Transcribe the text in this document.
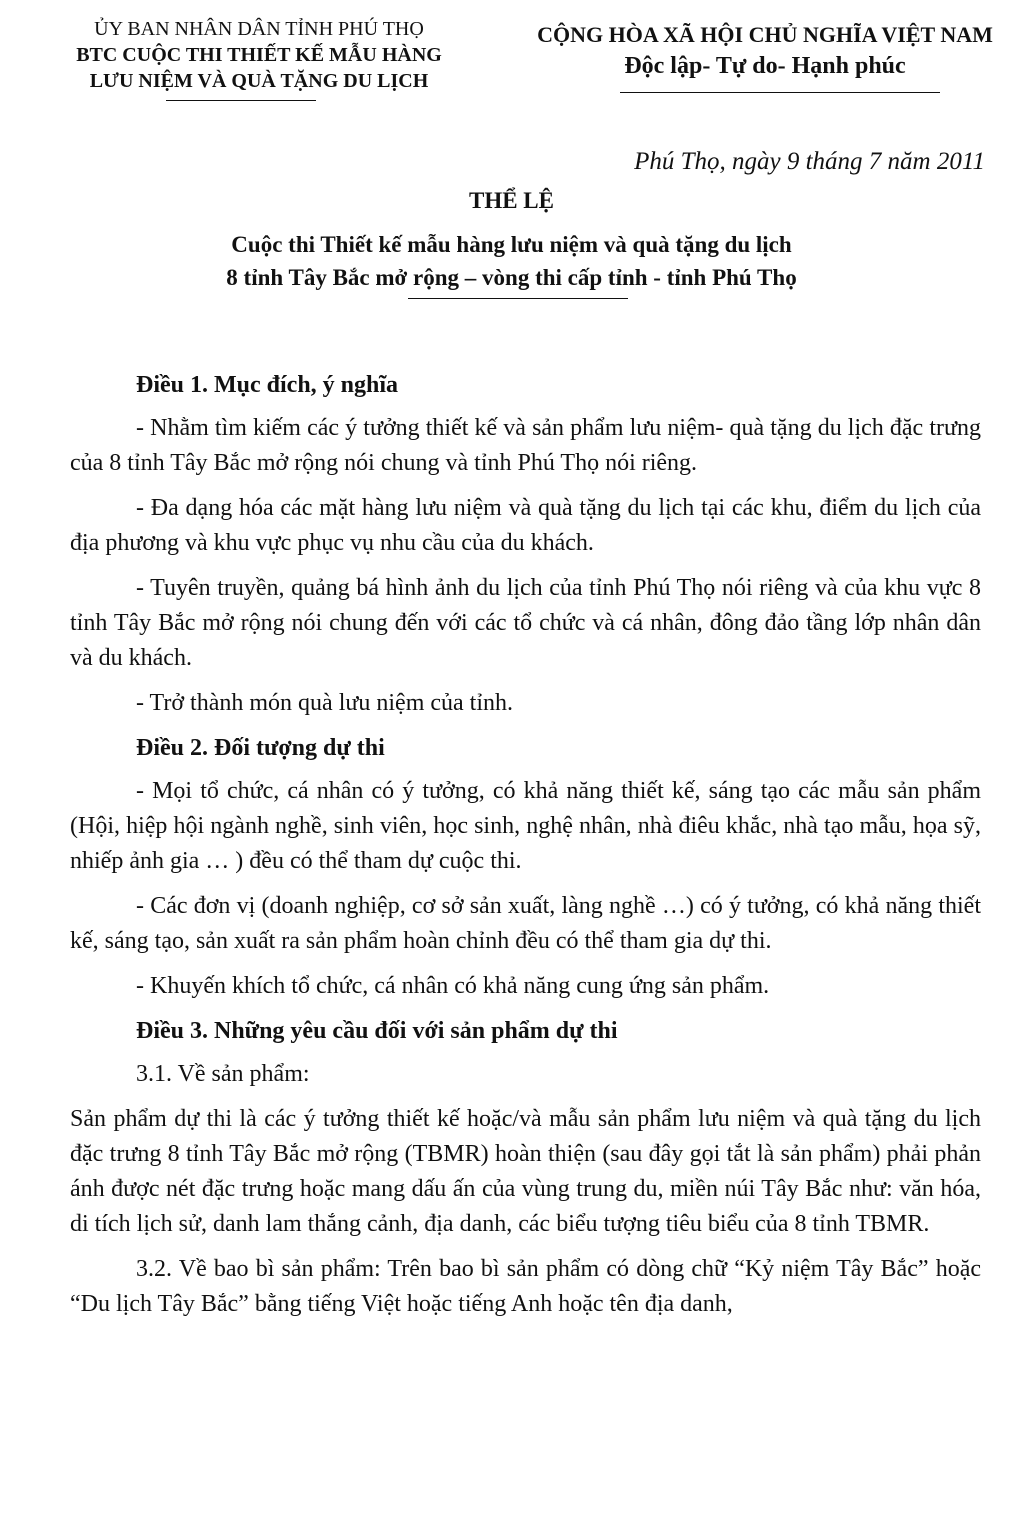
ỦY BAN NHÂN DÂN TỈNH PHÚ THỌ
BTC CUỘC THI THIẾT KẾ MẪU HÀNG
LƯU NIỆM VÀ QUÀ TẶNG DU LỊCH
CỘNG HÒA XÃ HỘI CHỦ NGHĨA VIỆT NAM
Độc lập- Tự do- Hạnh phúc
Phú Thọ, ngày 9 tháng 7 năm 2011
THỂ LỆ
Cuộc thi Thiết kế mẫu hàng lưu niệm và quà tặng du lịch
8 tỉnh Tây Bắc mở rộng – vòng thi cấp tỉnh - tỉnh Phú Thọ
Điều 1. Mục đích, ý nghĩa

- Nhằm tìm kiếm các ý tưởng thiết kế và sản phẩm lưu niệm- quà tặng du lịch đặc trưng của 8 tỉnh Tây Bắc mở rộng nói chung và tỉnh Phú Thọ nói riêng.

- Đa dạng hóa các mặt hàng lưu niệm và quà tặng du lịch tại các khu, điểm du lịch của địa phương và khu vực phục vụ nhu cầu của du khách.

- Tuyên truyền, quảng bá hình ảnh du lịch của tỉnh Phú Thọ nói riêng và của khu vực 8 tỉnh Tây Bắc mở rộng nói chung đến với các tổ chức và cá nhân, đông đảo tầng lớp nhân dân và du khách.

- Trở thành món quà lưu niệm của tỉnh.

Điều 2. Đối tượng dự thi

- Mọi tổ chức, cá nhân có ý tưởng, có khả năng thiết kế, sáng tạo các mẫu sản phẩm (Hội, hiệp hội ngành nghề, sinh viên, học sinh, nghệ nhân, nhà điêu khắc, nhà tạo mẫu, họa sỹ, nhiếp ảnh gia … ) đều có thể tham dự cuộc thi.

- Các đơn vị (doanh nghiệp, cơ sở sản xuất, làng nghề …) có ý tưởng, có khả năng thiết kế, sáng tạo, sản xuất ra sản phẩm hoàn chỉnh đều có thể tham gia dự thi.

- Khuyến khích tổ chức, cá nhân có khả năng cung ứng sản phẩm.

Điều 3. Những yêu cầu đối với sản phẩm dự thi

3.1. Về sản phẩm:

Sản phẩm dự thi là các ý tưởng thiết kế hoặc/và mẫu sản phẩm lưu niệm và quà tặng du lịch đặc trưng 8 tỉnh Tây Bắc mở rộng (TBMR) hoàn thiện (sau đây gọi tắt là sản phẩm) phải phản ánh được nét đặc trưng hoặc mang dấu ấn của vùng trung du, miền núi Tây Bắc như: văn hóa, di tích lịch sử, danh lam thắng cảnh, địa danh, các biểu tượng tiêu biểu của 8 tỉnh TBMR.

3.2. Về bao bì sản phẩm: Trên bao bì sản phẩm có dòng chữ “Kỷ niệm Tây Bắc” hoặc “Du lịch Tây Bắc” bằng tiếng Việt hoặc tiếng Anh hoặc tên địa danh,
